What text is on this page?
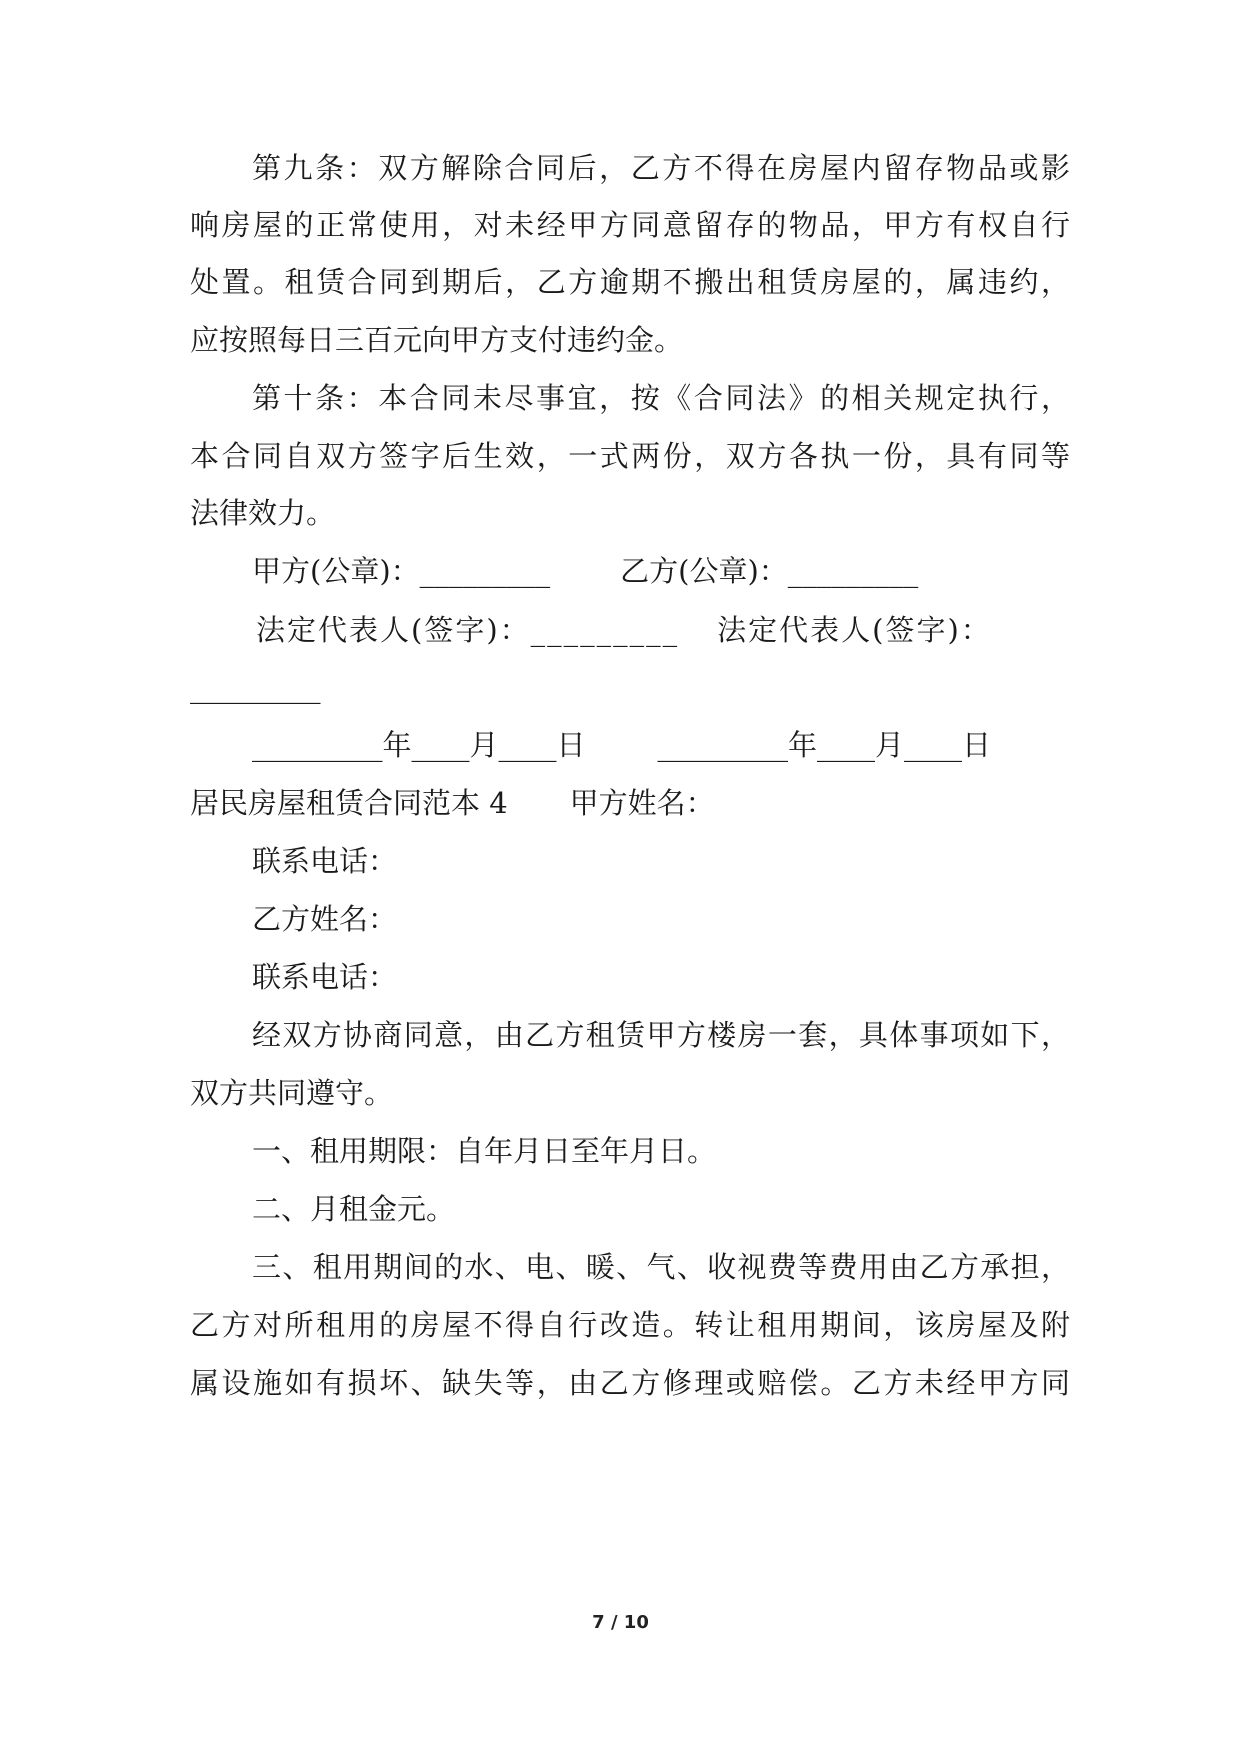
第九条：双方解除合同后，乙方不得在房屋内留存物品或影

响房屋的正常使用，对未经甲方同意留存的物品，甲方有权自行

处置。租赁合同到期后，乙方逾期不搬出租赁房屋的，属违约，

应按照每日三百元向甲方支付违约金。

第十条：本合同未尽事宜，按《合同法》的相关规定执行，

本合同自双方签字后生效，一式两份，双方各执一份，具有同等

法律效力。

甲方(公章)：_________ 乙方(公章)：_________

法定代表人(签字)：_________ 法定代表人(签字)：

_________

_________年____月____日 _________年____月____日

居民房屋租赁合同范本 4 甲方姓名：

联系电话：

乙方姓名：

联系电话：

经双方协商同意，由乙方租赁甲方楼房一套，具体事项如下，

双方共同遵守。

一、租用期限：自年月日至年月日。

二、月租金元。

三、租用期间的水、电、暖、气、收视费等费用由乙方承担，

乙方对所租用的房屋不得自行改造。转让租用期间，该房屋及附

属设施如有损坏、缺失等，由乙方修理或赔偿。乙方未经甲方同

7 / 10
